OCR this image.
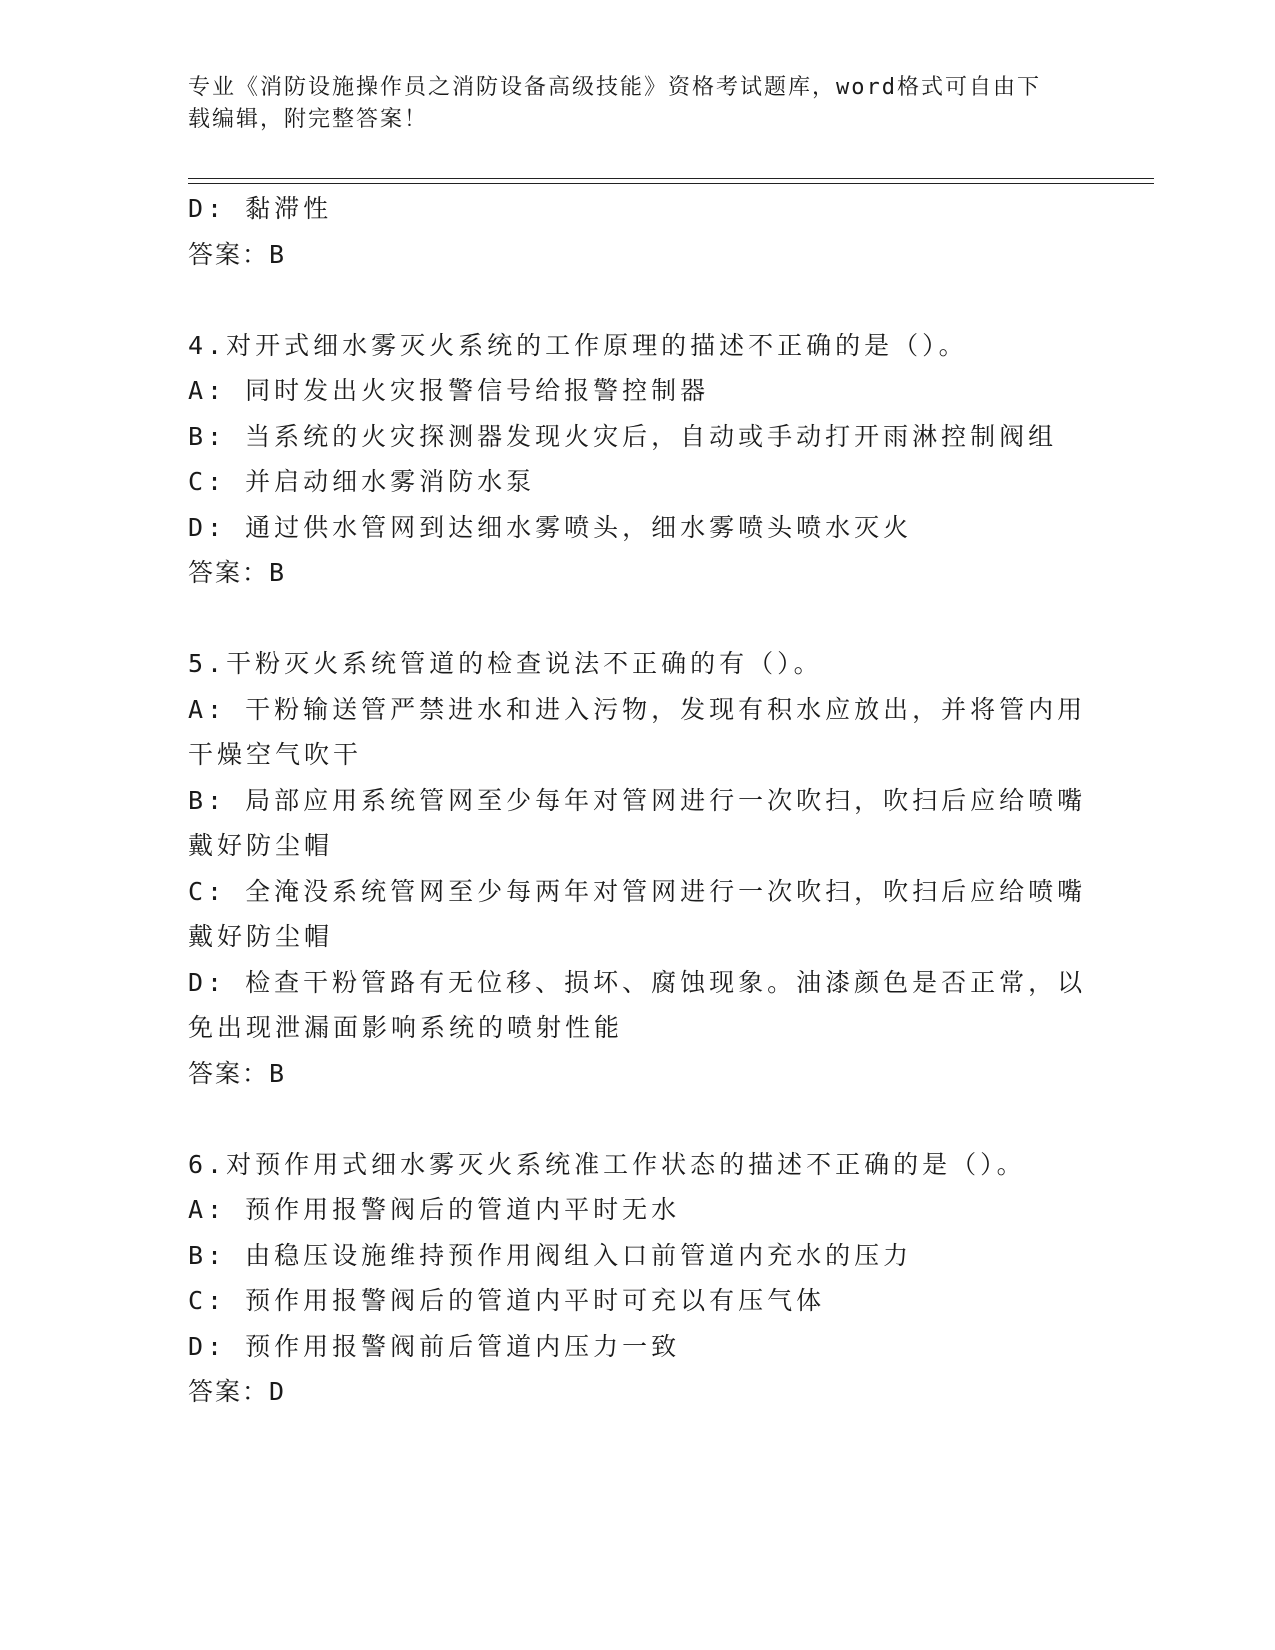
专业《消防设施操作员之消防设备高级技能》资格考试题库，word格式可自由下
载编辑，附完整答案！
D: 黏滞性
答案：B
4.对开式细水雾灭火系统的工作原理的描述不正确的是（）。
A: 同时发出火灾报警信号给报警控制器
B: 当系统的火灾探测器发现火灾后，自动或手动打开雨淋控制阀组
C: 并启动细水雾消防水泵
D: 通过供水管网到达细水雾喷头，细水雾喷头喷水灭火
答案：B
5.干粉灭火系统管道的检查说法不正确的有（）。
A: 干粉输送管严禁进水和进入污物，发现有积水应放出，并将管内用干燥空气吹干
B: 局部应用系统管网至少每年对管网进行一次吹扫，吹扫后应给喷嘴戴好防尘帽
C: 全淹没系统管网至少每两年对管网进行一次吹扫，吹扫后应给喷嘴戴好防尘帽
D: 检查干粉管路有无位移、损坏、腐蚀现象。油漆颜色是否正常，以免出现泄漏面影响系统的喷射性能
答案：B
6.对预作用式细水雾灭火系统准工作状态的描述不正确的是（）。
A: 预作用报警阀后的管道内平时无水
B: 由稳压设施维持预作用阀组入口前管道内充水的压力
C: 预作用报警阀后的管道内平时可充以有压气体
D: 预作用报警阀前后管道内压力一致
答案：D
